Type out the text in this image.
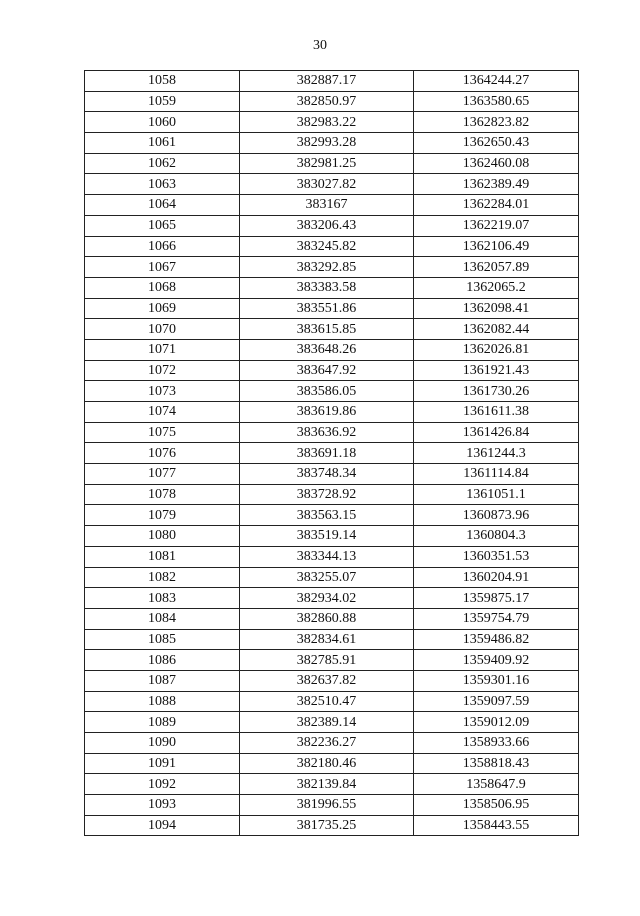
30
1058	382887.17	1364244.27
1059	382850.97	1363580.65
1060	382983.22	1362823.82
1061	382993.28	1362650.43
1062	382981.25	1362460.08
1063	383027.82	1362389.49
1064	383167	1362284.01
1065	383206.43	1362219.07
1066	383245.82	1362106.49
1067	383292.85	1362057.89
1068	383383.58	1362065.2
1069	383551.86	1362098.41
1070	383615.85	1362082.44
1071	383648.26	1362026.81
1072	383647.92	1361921.43
1073	383586.05	1361730.26
1074	383619.86	1361611.38
1075	383636.92	1361426.84
1076	383691.18	1361244.3
1077	383748.34	1361114.84
1078	383728.92	1361051.1
1079	383563.15	1360873.96
1080	383519.14	1360804.3
1081	383344.13	1360351.53
1082	383255.07	1360204.91
1083	382934.02	1359875.17
1084	382860.88	1359754.79
1085	382834.61	1359486.82
1086	382785.91	1359409.92
1087	382637.82	1359301.16
1088	382510.47	1359097.59
1089	382389.14	1359012.09
1090	382236.27	1358933.66
1091	382180.46	1358818.43
1092	382139.84	1358647.9
1093	381996.55	1358506.95
1094	381735.25	1358443.55
